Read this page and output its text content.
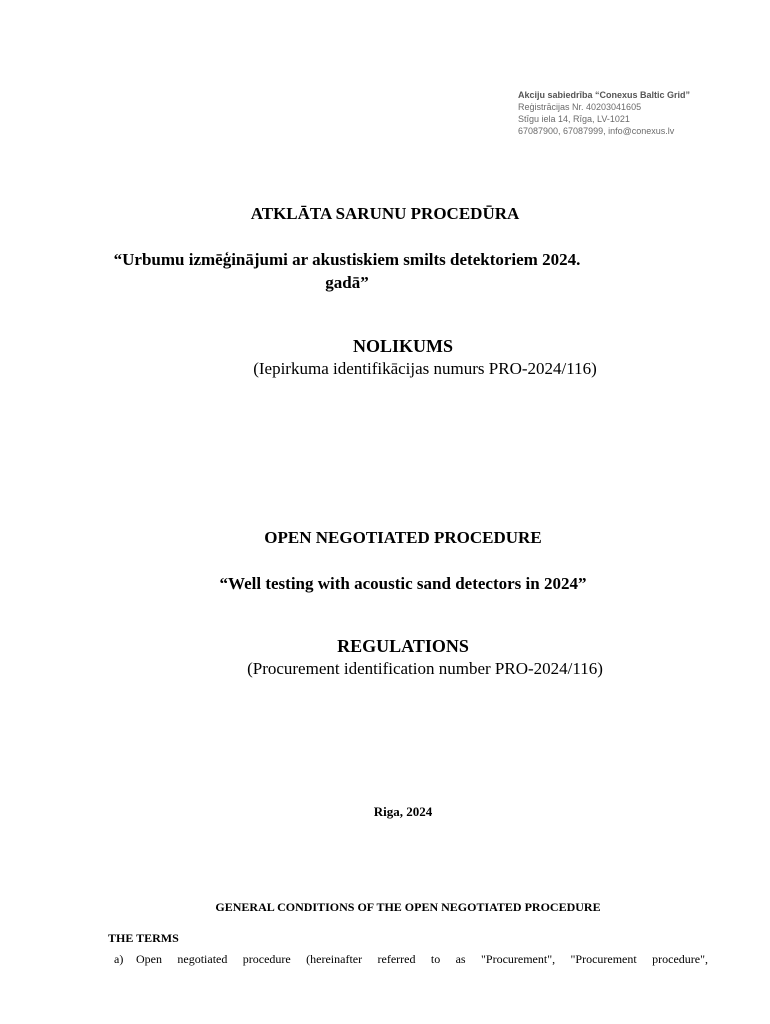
Akciju sabiedrība “Conexus Baltic Grid”
Reģistrācijas Nr. 40203041605
Stīgu iela 14, Rīga, LV-1021
67087900, 67087999, info@conexus.lv
ATKLĀTA SARUNU PROCEDŪRA
“Urbumu izmēģinājumi ar akustiskiem smilts detektoriem 2024.
gadā”
NOLIKUMS
(Iepirkuma identifikācijas numurs PRO-2024/116)
OPEN NEGOTIATED PROCEDURE
“Well testing with acoustic sand detectors in 2024”
REGULATIONS
(Procurement identification number PRO-2024/116)
Riga, 2024
GENERAL CONDITIONS OF THE OPEN NEGOTIATED PROCEDURE
THE TERMS
a)	Open negotiated procedure (hereinafter referred to as "Procurement", "Procurement procedure",
